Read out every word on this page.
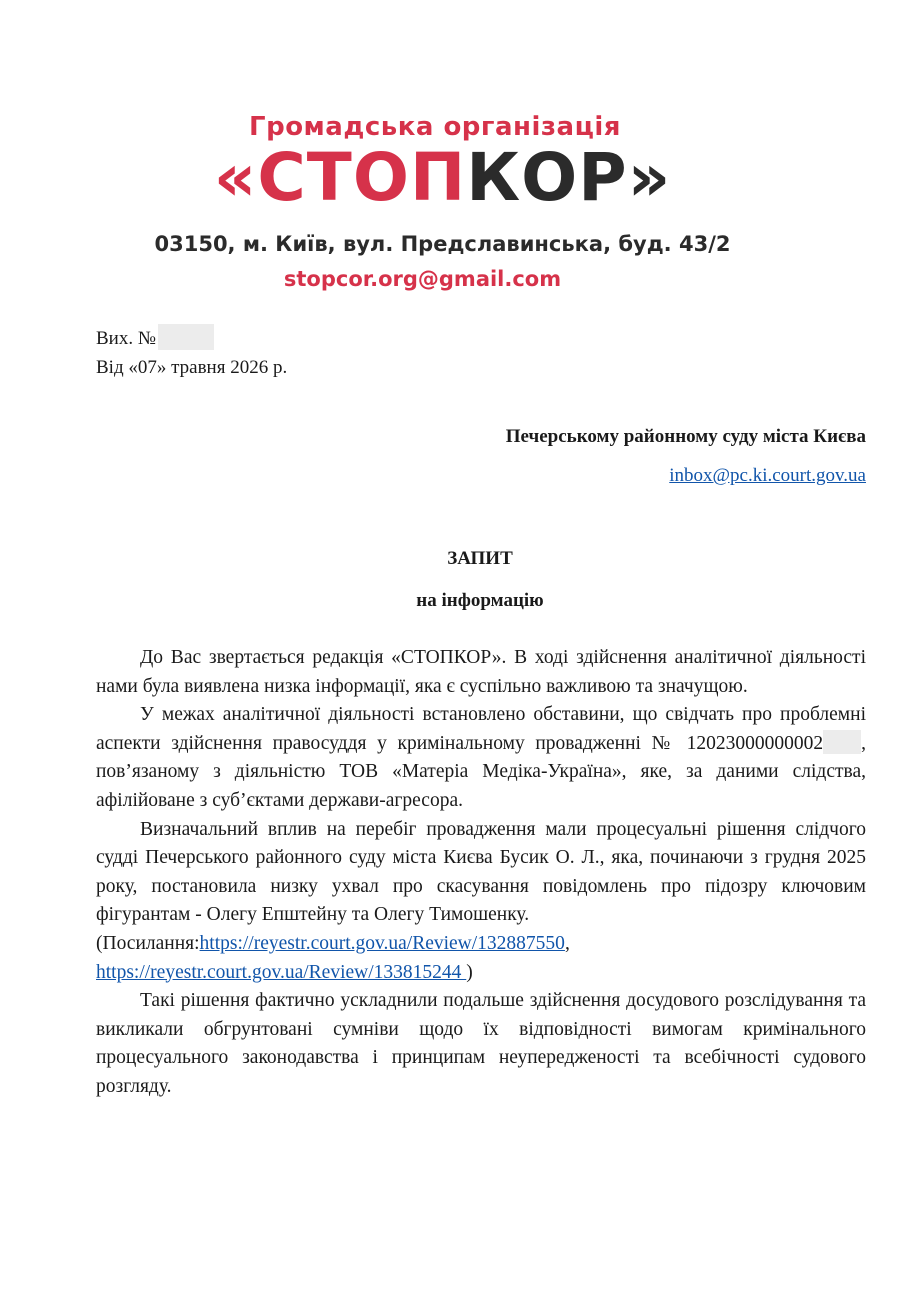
Громадська організація
«СТОПКОР»
03150, м. Київ, вул. Предславинська, буд. 43/2
stopcor.org@gmail.com
Вих. №
Від «07» травня 2026 р.
Печерському районному суду міста Києва
inbox@pc.ki.court.gov.ua
ЗАПИТ
на інформацію

До Вас звертається редакція «СТОПКОР». В ході здійснення аналітичної діяльності нами була виявлена низка інформації, яка є суспільно важливою та значущою.

У межах аналітичної діяльності встановлено обставини, що свідчать про проблемні аспекти здійснення правосуддя у кримінальному провадженні № 12023000000002 , пов’язаному з діяльністю ТОВ «Матеріа Медіка-Україна», яке, за даними слідства, афілійоване з суб’єктами держави-агресора.

Визначальний вплив на перебіг провадження мали процесуальні рішення слідчого судді Печерського районного суду міста Києва Бусик О. Л., яка, починаючи з грудня 2025 року, постановила низку ухвал про скасування повідомлень про підозру ключовим фігурантам - Олегу Епштейну та Олегу Тимошенку.

(Посилання:https://reyestr.court.gov.ua/Review/132887550,

https://reyestr.court.gov.ua/Review/133815244 )

Такі рішення фактично ускладнили подальше здійснення досудового розслідування та викликали обгрунтовані сумніви щодо їх відповідності вимогам кримінального процесуального законодавства і принципам неупередженості та всебічності судового розгляду.
